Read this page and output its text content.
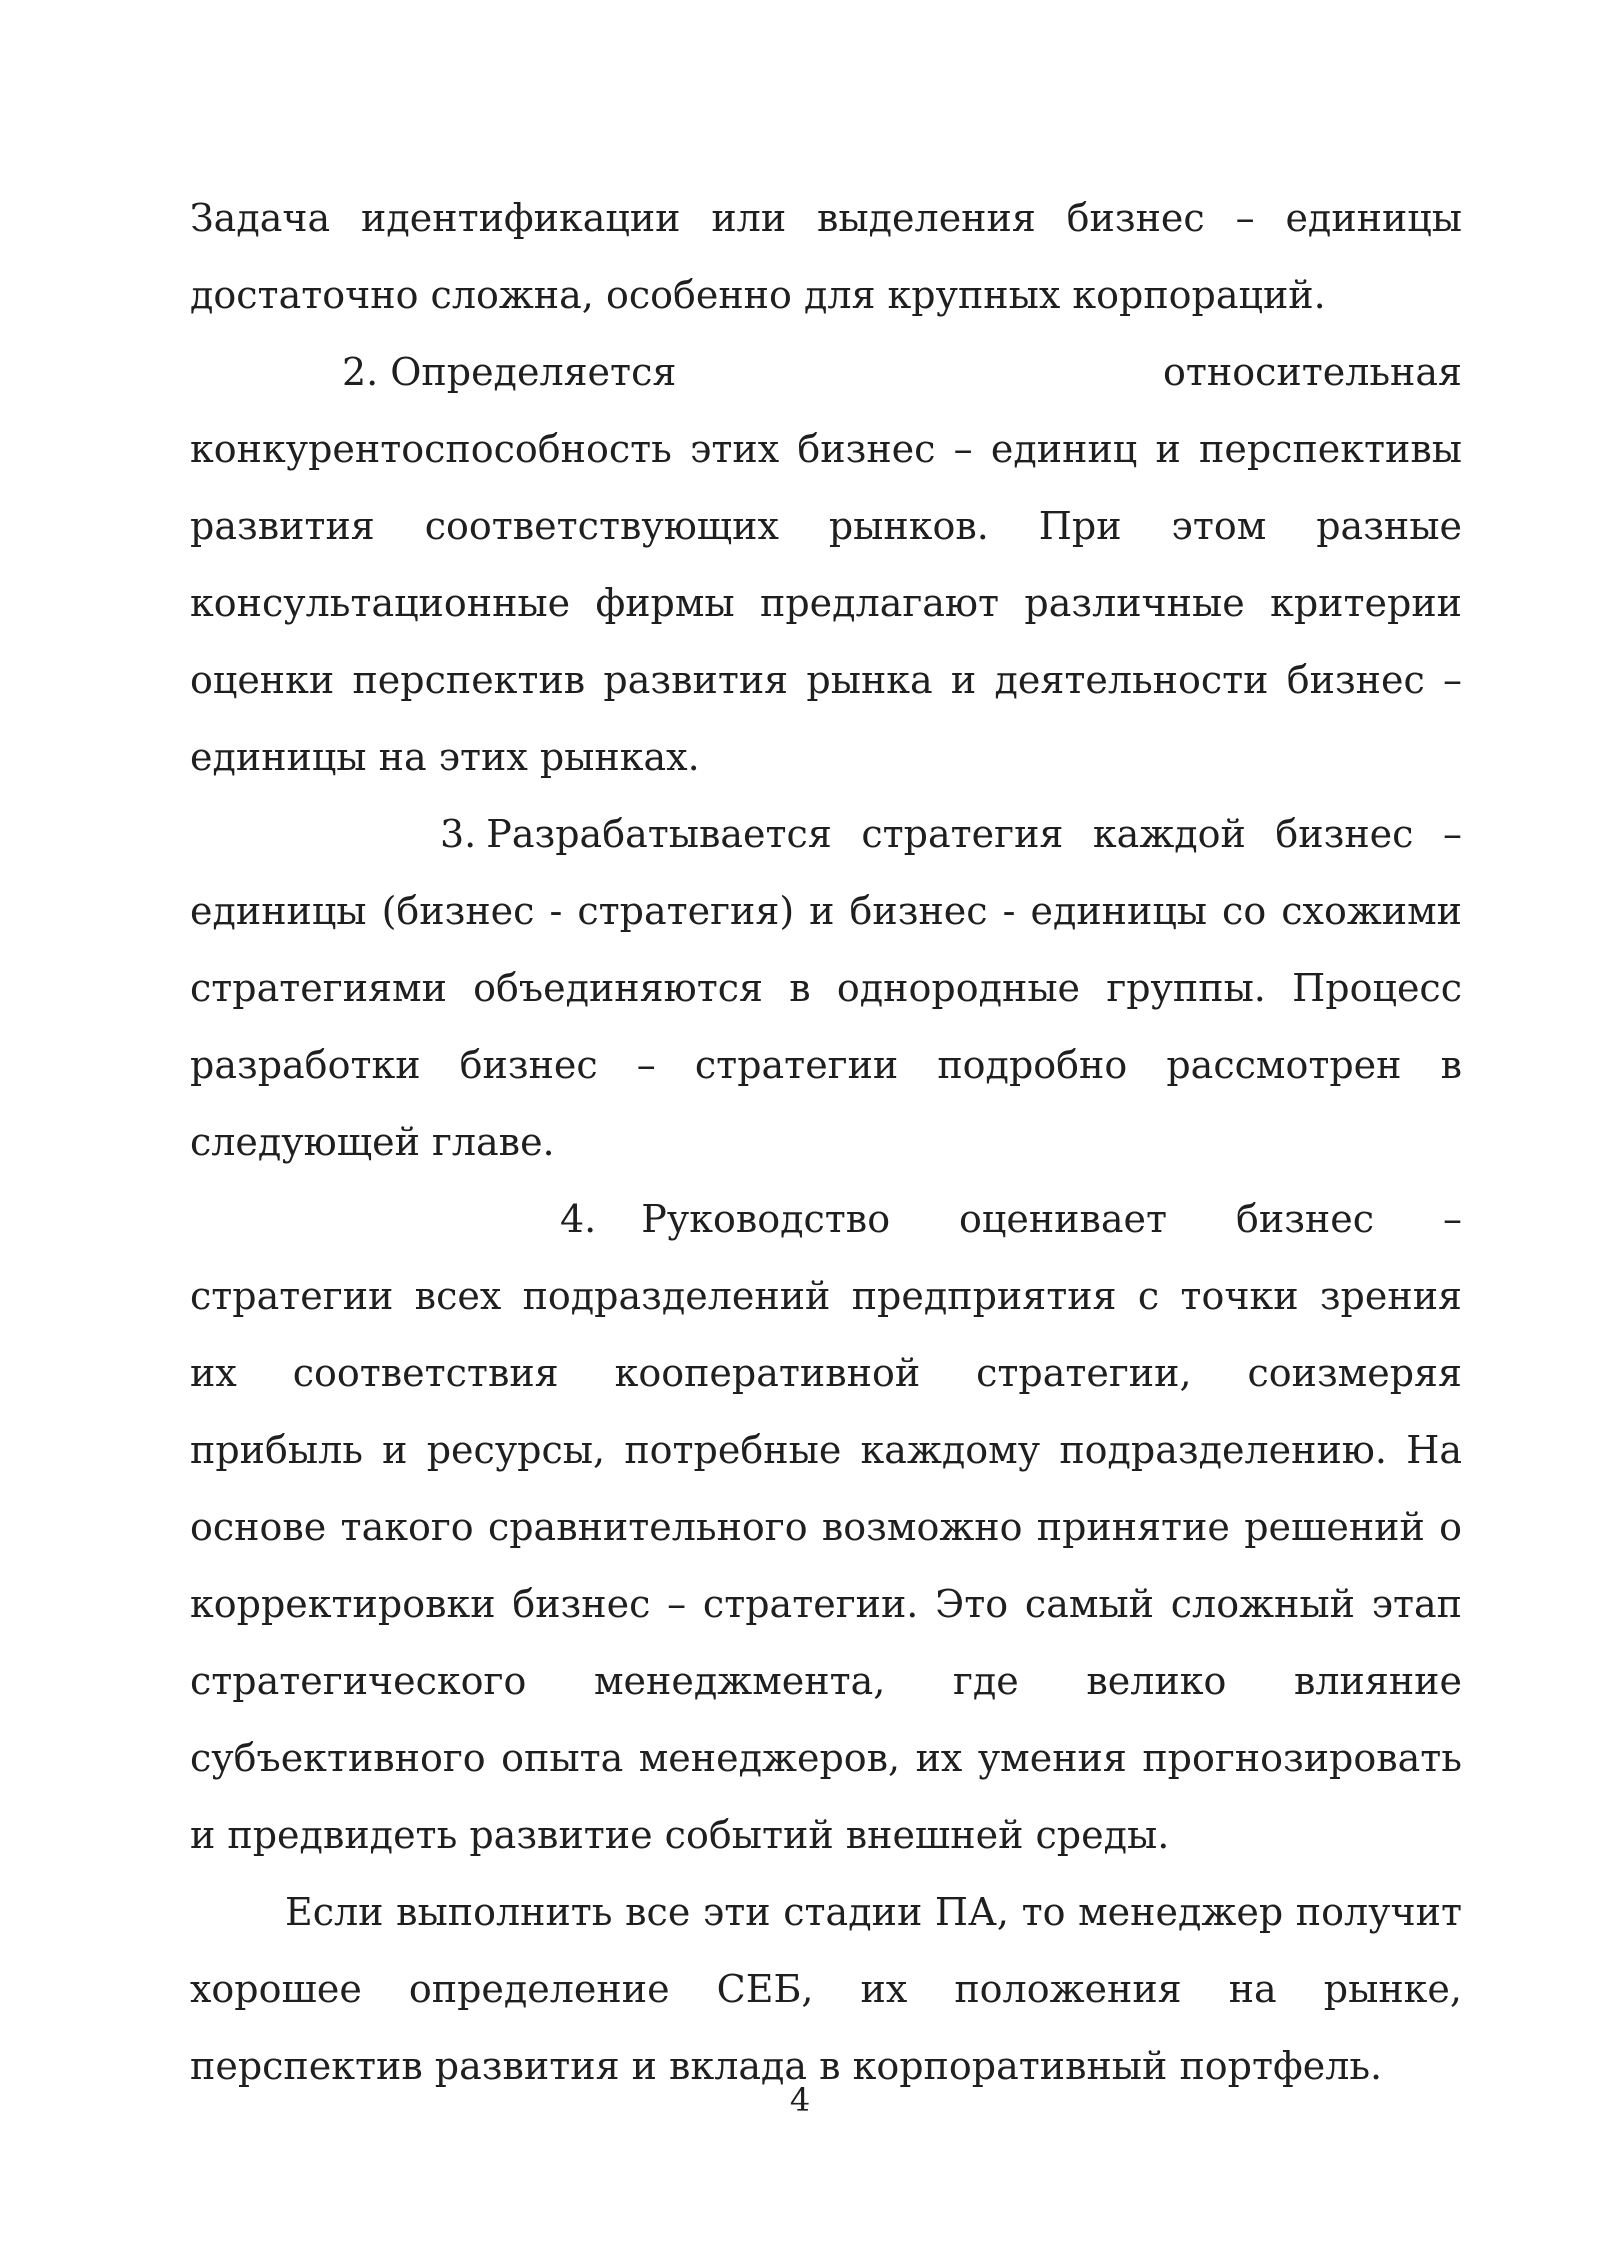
Задача идентификации или выделения бизнес – единицы достаточно сложна, особенно для крупных корпораций.

2. Определяется относительная конкурентоспособность этих бизнес – единиц и перспективы развития соответствующих рынков. При этом разные консультационные фирмы предлагают различные критерии оценки перспектив развития рынка и деятельности бизнес – единицы на этих рынках.

3. Разрабатывается стратегия каждой бизнес – единицы (бизнес - стратегия) и бизнес - единицы со схожими стратегиями объединяются в однородные группы. Процесс разработки бизнес – стратегии подробно рассмотрен в следующей главе.

4. Руководство оценивает бизнес – стратегии всех подразделений предприятия с точки зрения их соответствия кооперативной стратегии, соизмеряя прибыль и ресурсы, потребные каждому подразделению. На основе такого сравнительного возможно принятие решений о корректировки бизнес – стратегии. Это самый сложный этап стратегического менеджмента, где велико влияние субъективного опыта менеджеров, их умения прогнозировать и предвидеть развитие событий внешней среды.

Если выполнить все эти стадии ПА, то менеджер получит хорошее определение СЕБ, их положения на рынке, перспектив развития и вклада в корпоративный портфель.

4
